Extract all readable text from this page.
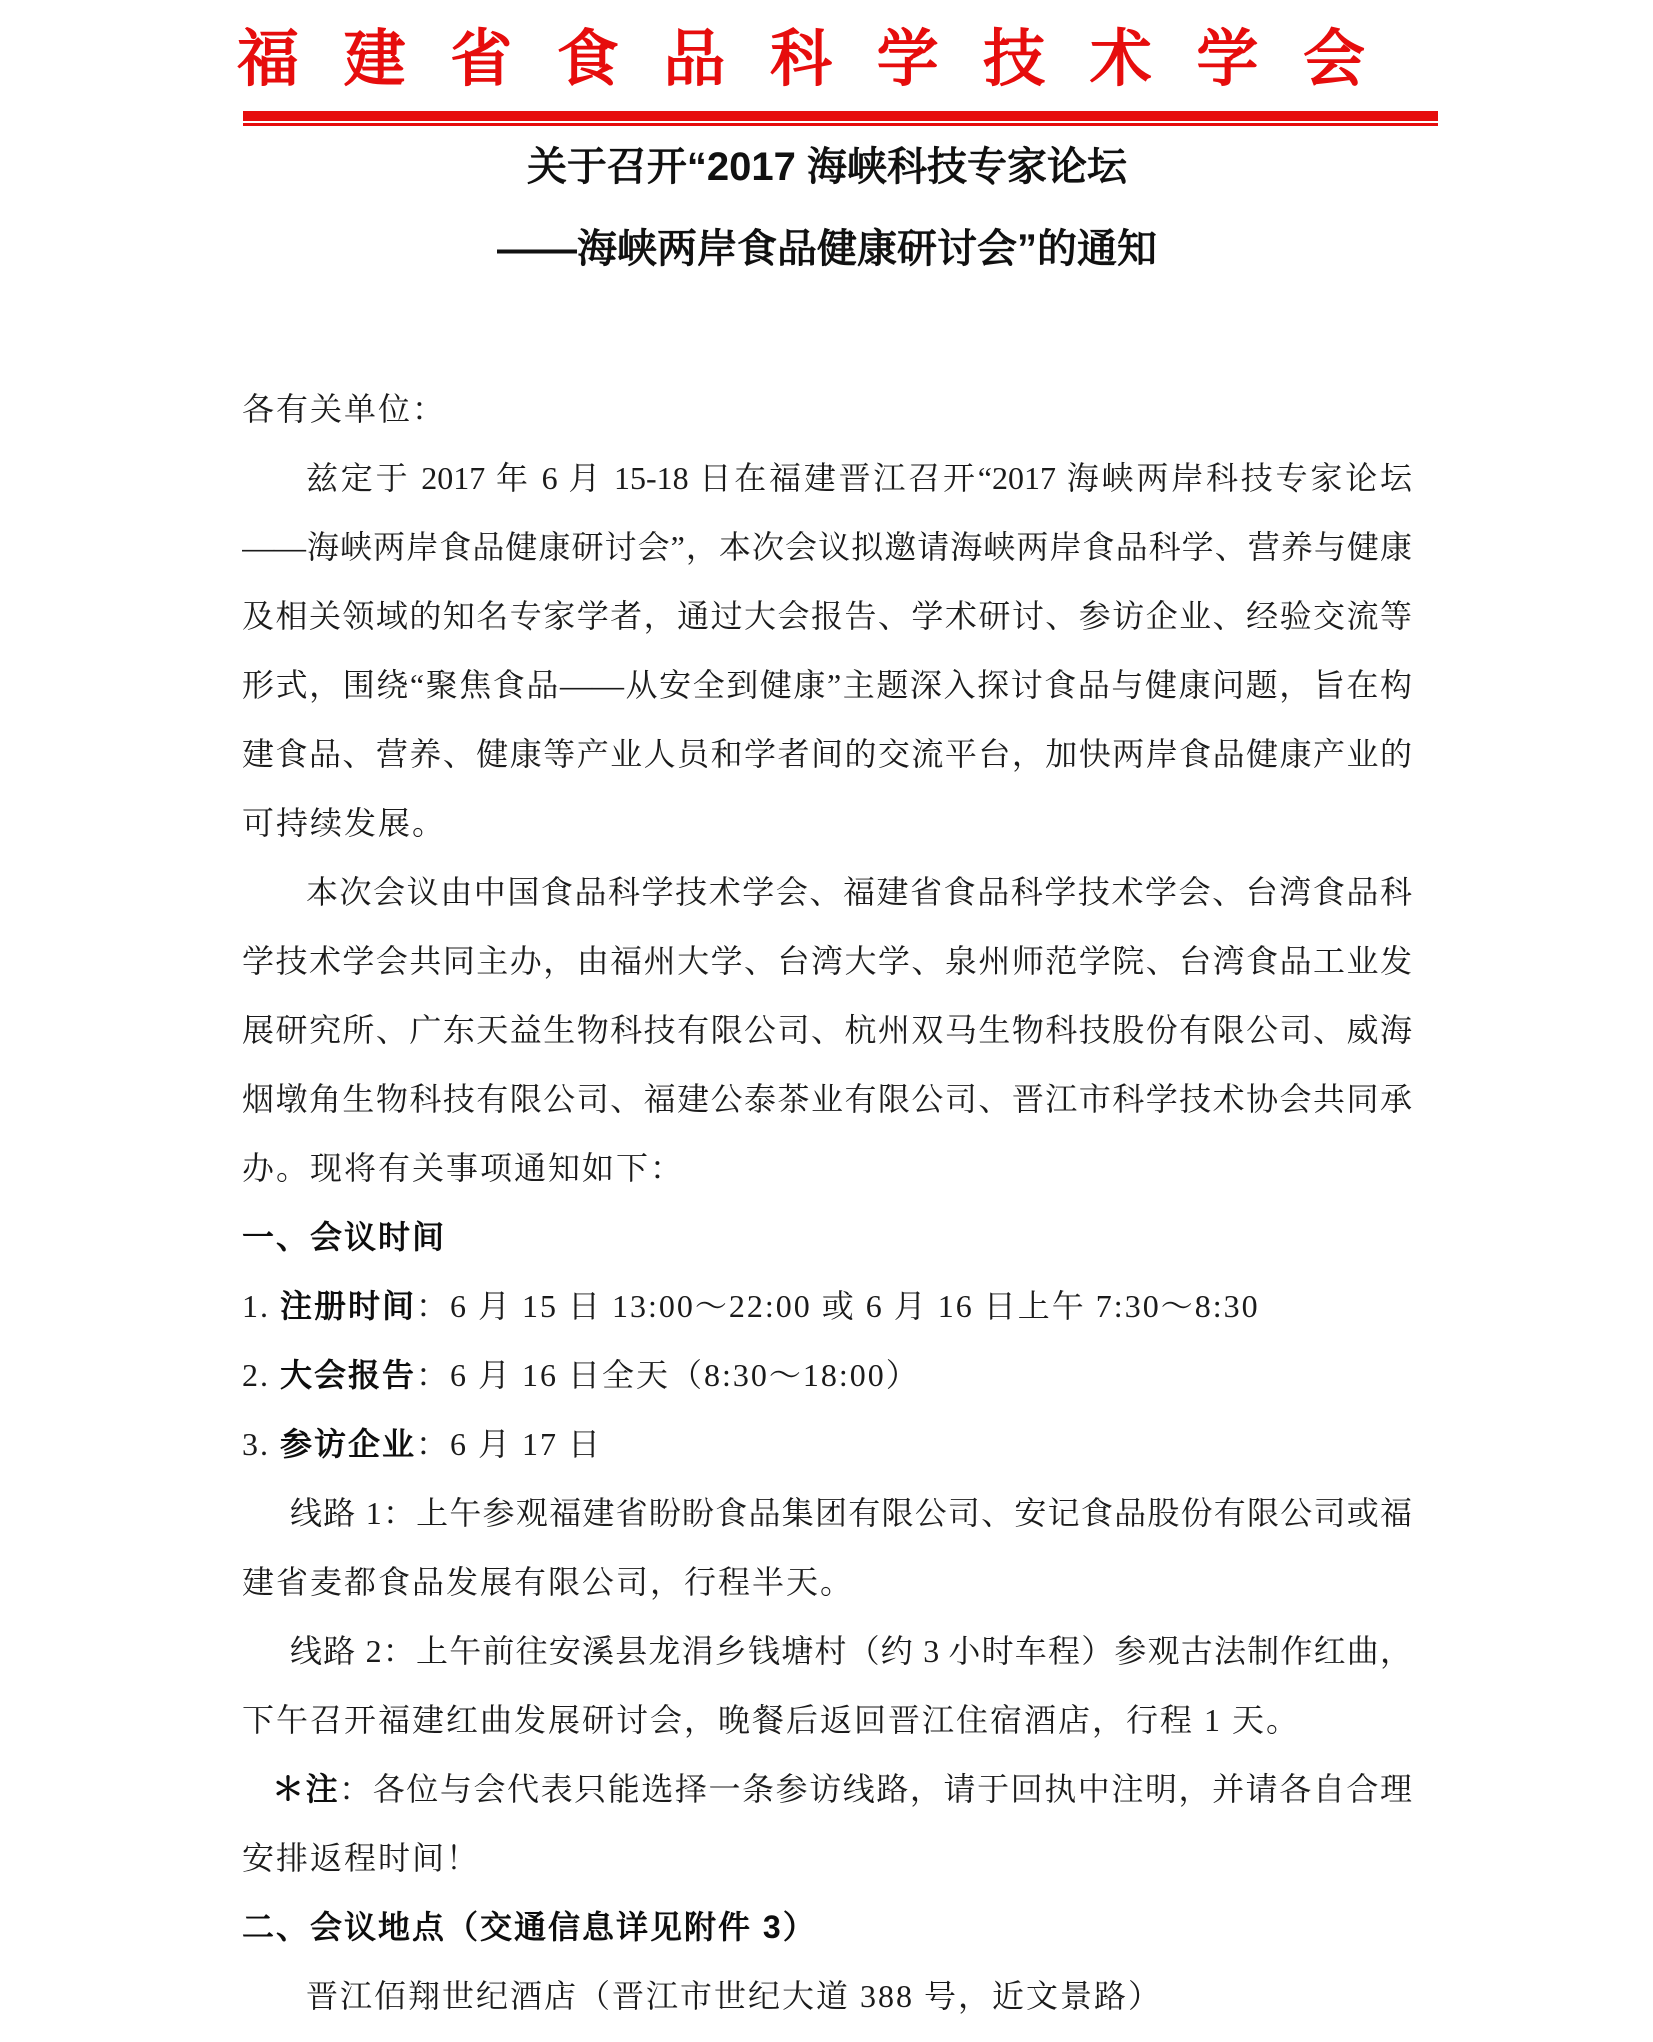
福 建 省 食 品 科 学 技 术 学 会
关于召开“2017 海峡科技专家论坛
——海峡两岸食品健康研讨会”的通知
各有关单位：
兹定于 2017 年 6 月 15-18 日在福建晋江召开“2017 海峡两岸科技专家论坛
——海峡两岸食品健康研讨会”，本次会议拟邀请海峡两岸食品科学、营养与健康
及相关领域的知名专家学者，通过大会报告、学术研讨、参访企业、经验交流等
形式，围绕“聚焦食品——从安全到健康”主题深入探讨食品与健康问题，旨在构
建食品、营养、健康等产业人员和学者间的交流平台，加快两岸食品健康产业的
可持续发展。
本次会议由中国食品科学技术学会、福建省食品科学技术学会、台湾食品科
学技术学会共同主办，由福州大学、台湾大学、泉州师范学院、台湾食品工业发
展研究所、广东天益生物科技有限公司、杭州双马生物科技股份有限公司、威海
烟墩角生物科技有限公司、福建公泰茶业有限公司、晋江市科学技术协会共同承
办。现将有关事项通知如下：
一、会议时间
1. 注册时间：6 月 15 日 13:00～22:00 或 6 月 16 日上午 7:30～8:30
2. 大会报告：6 月 16 日全天（8:30～18:00）
3. 参访企业：6 月 17 日
线路 1：上午参观福建省盼盼食品集团有限公司、安记食品股份有限公司或福
建省麦都食品发展有限公司，行程半天。
线路 2：上午前往安溪县龙涓乡钱塘村（约 3 小时车程）参观古法制作红曲，
下午召开福建红曲发展研讨会，晚餐后返回晋江住宿酒店，行程 1 天。
＊注：各位与会代表只能选择一条参访线路，请于回执中注明，并请各自合理
安排返程时间！
二、会议地点（交通信息详见附件 3）
晋江佰翔世纪酒店（晋江市世纪大道 388 号，近文景路）
